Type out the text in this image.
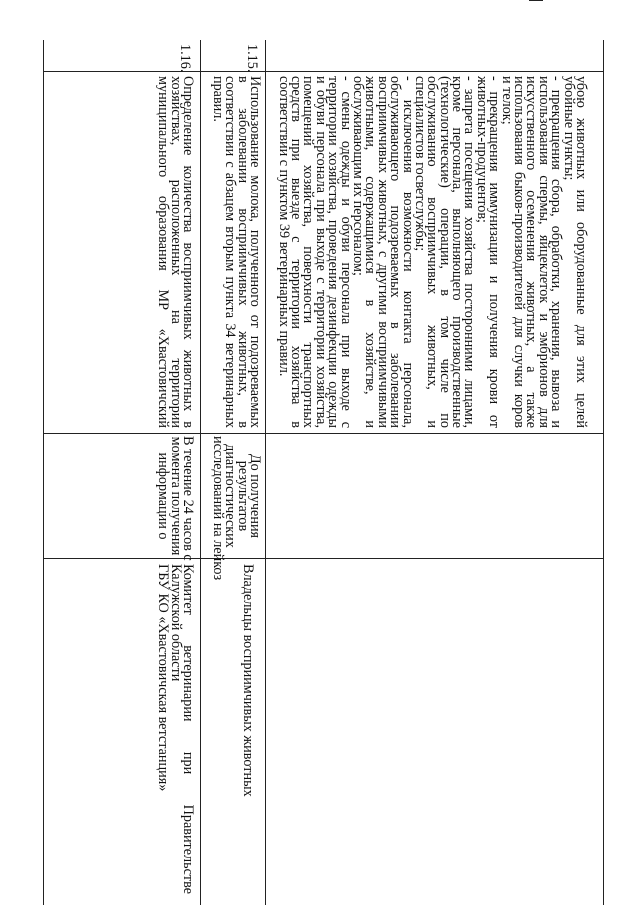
убою животных или оборудованные для этих целей
убойные пункты;
- прекращения сбора, обработки, хранения, вывоза и
использования спермы, яйцеклеток и эмбрионов для
искусственного осеменения животных, а также
использования быков-производителей для случки коров
и телок;
- прекращения иммунизации и получения крови от
животных-продуцентов;
- запрета посещения хозяйства посторонними лицами,
кроме персонала, выполняющего производственные
(технологические) операции, в том числе по
обслуживанию восприимчивых животных, и
специалистов госветслужбы;
- исключения возможности контакта персонала,
обслуживающего подозреваемых в заболевании
восприимчивых животных, с другими восприимчивыми
животными, содержащимися в хозяйстве, и
обслуживающим их персоналом;
- смены одежды и обуви персонала при выходе с
территории хозяйства, проведения дезинфекции одежды
и обуви персонала при выходе с территории хозяйства,
помещений хозяйства, поверхности транспортных
средств при выезде с территории хозяйства в
соответствии с пунктом 39 ветеринарных правил.
1.15.
Использование молока, полученного от подозреваемых
в заболевании восприимчивых животных, в
соответствии с абзацем вторым пункта 34 ветеринарных
правил.
До получения
результатов
диагностических
исследований на лейкоз
Владельцы восприимчивых животных
1.16.
Определение количества восприимчивых животных в
хозяйствах, расположенных на территории
муниципального образования МР «Хвастовичский
В течение 24 часов с
момента получения
информации о
Комитет ветеринарии при Правительстве
Калужской области
ГБУ КО «Хвастовичская ветстанция»
